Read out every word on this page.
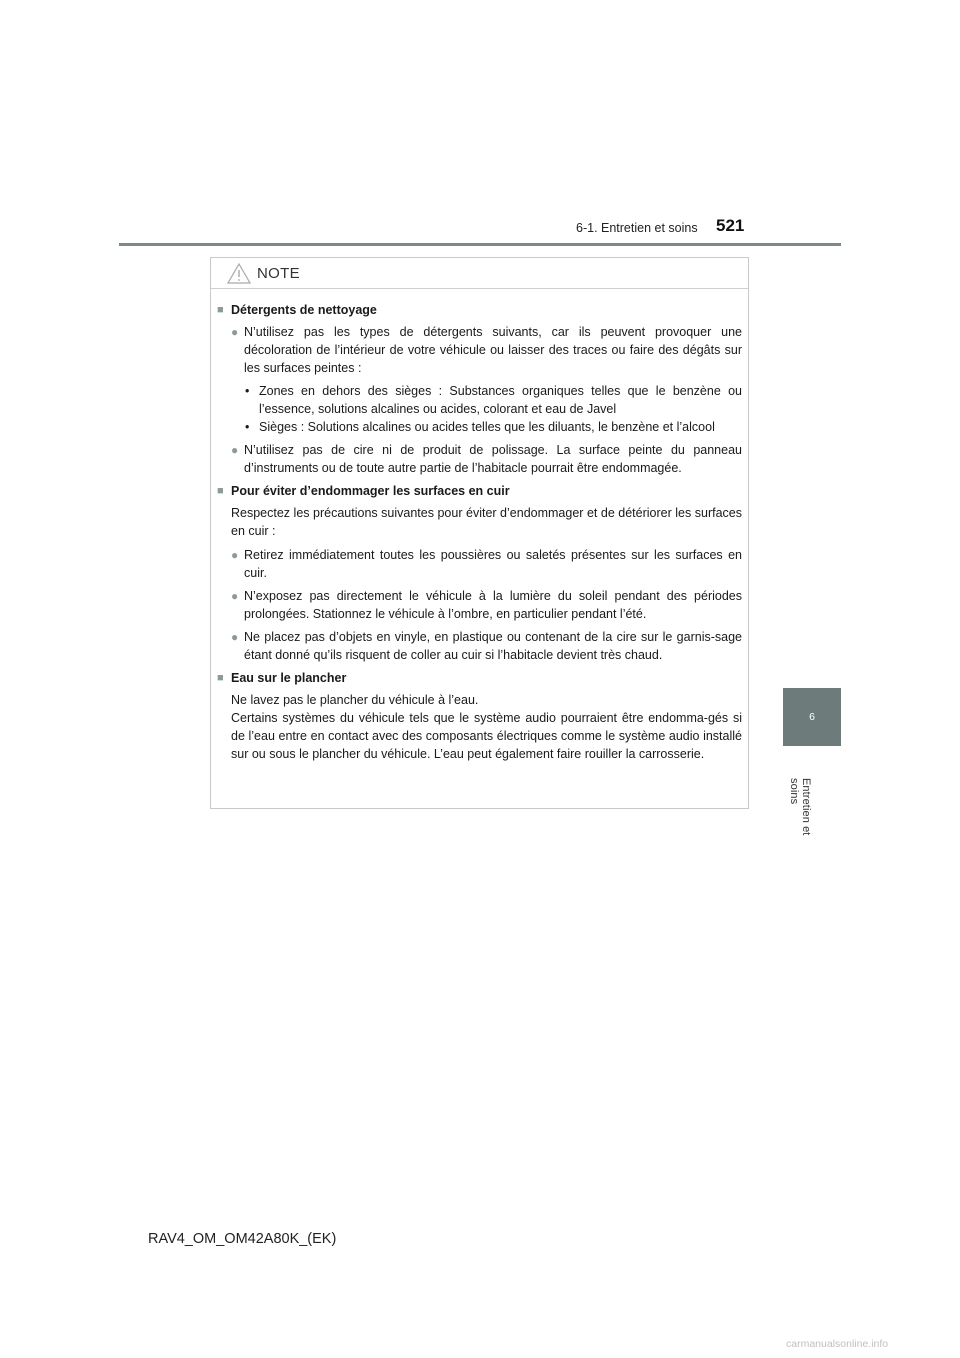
6-1. Entretien et soins 521
6
Entretien et soins
NOTE
■ Détergents de nettoyage
● N’utilisez pas les types de détergents suivants, car ils peuvent provoquer une décoloration de l’intérieur de votre véhicule ou laisser des traces ou faire des dégâts sur les surfaces peintes :
• Zones en dehors des sièges : Substances organiques telles que le benzène ou l’essence, solutions alcalines ou acides, colorant et eau de Javel
• Sièges : Solutions alcalines ou acides telles que les diluants, le benzène et l’alcool
● N’utilisez pas de cire ni de produit de polissage. La surface peinte du panneau d’instruments ou de toute autre partie de l’habitacle pourrait être endommagée.
■ Pour éviter d’endommager les surfaces en cuir
Respectez les précautions suivantes pour éviter d’endommager et de détériorer les surfaces en cuir :
● Retirez immédiatement toutes les poussières ou saletés présentes sur les surfaces en cuir.
● N’exposez pas directement le véhicule à la lumière du soleil pendant des périodes prolongées. Stationnez le véhicule à l’ombre, en particulier pendant l’été.
● Ne placez pas d’objets en vinyle, en plastique ou contenant de la cire sur le garnis-sage étant donné qu’ils risquent de coller au cuir si l’habitacle devient très chaud.
■ Eau sur le plancher
Ne lavez pas le plancher du véhicule à l’eau.
Certains systèmes du véhicule tels que le système audio pourraient être endomma-gés si de l’eau entre en contact avec des composants électriques comme le système audio installé sur ou sous le plancher du véhicule. L’eau peut également faire rouiller la carrosserie.
RAV4_OM_OM42A80K_(EK)
carmanualsonline.info
